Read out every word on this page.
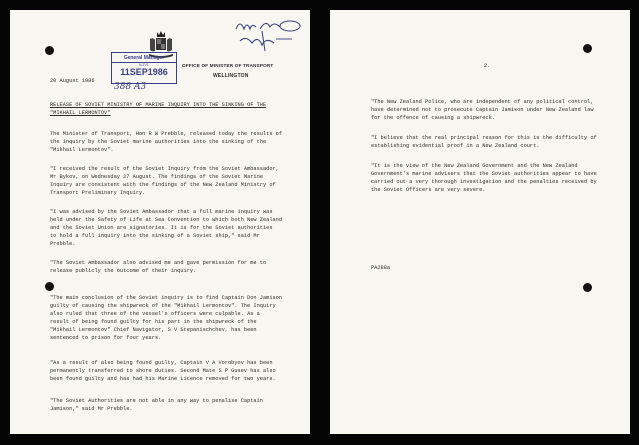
20 August 1986

General Manager
N.Z.R.
11SEP1986
388 A3

OFFICE OF MINISTER OF TRANSPORT

WELLINGTON

RELEASE OF SOVIET MINISTRY OF MARINE INQUIRY INTO THE SINKING OF THE
"MIKHAIL LERMONTOV"

The Minister of Transport, Hon R W Prebble, released today the results of
the inquiry by the Soviet marine authorities into the sinking of the
"Mikhail Lermontov".

"I received the result of the Soviet Inquiry from the Soviet Ambassador,
Mr Bykov, on Wednesday 27 August. The findings of the Soviet Marine
Inquiry are consistent with the findings of the New Zealand Ministry of
Transport Preliminary Inquiry.

"I was advised by the Soviet Ambassador that a full marine inquiry was
held under the Safety of Life at Sea Convention to which both New Zealand
and the Soviet Union are signatories. It is for the Soviet authorities
to hold a full inquiry into the sinking of a Soviet ship," said Mr
Prebble.

"The Soviet Ambassador also advised me and gave permission for me to
release publicly the outcome of their inquiry.

"The main conclusion of the Soviet inquiry is to find Captain Don Jamison
guilty of causing the shipwreck of the "Mikhail Lermontov". The Inquiry
also ruled that three of the vessel's officers were culpable. As a
result of being found guilty for his part in the shipwreck of the
"Mikhail Lermontov" Chief Navigator, S V Stepanischchev, has been
sentenced to prison for four years.

"As a result of also being found guilty, Captain V A Vorobyov has been
permanently transferred to shore duties. Second Mate S P Gusev has also
been found guilty and has had his Marine Licence removed for two years.

"The Soviet Authorities are not able in any way to penalise Captain
Jamison," said Mr Prebble.

2.

"The New Zealand Police, who are independent of any political control,
have determined not to prosecute Captain Jamison under New Zealand law
for the offence of causing a shipwreck.

"I believe that the real principal reason for this is the difficulty of
establishing evidential proof in a New Zealand court.

"It is the view of the New Zealand Government and the New Zealand
Government's marine advisers that the Soviet authorities appear to have
carried out a very thorough investigation and the penalties received by
the Soviet Officers are very severe.

PA288a
